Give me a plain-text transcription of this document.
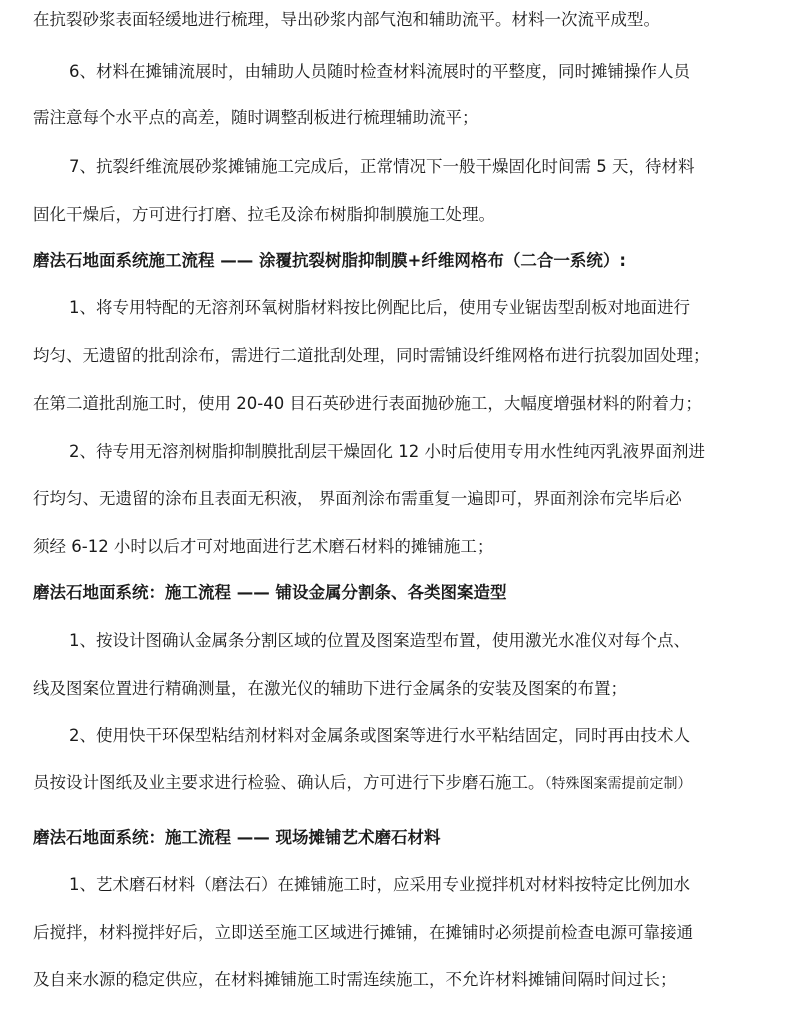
在抗裂砂浆表面轻缓地进行梳理，导出砂浆内部气泡和辅助流平。材料一次流平成型。
6、材料在摊铺流展时，由辅助人员随时检查材料流展时的平整度，同时摊铺操作人员
需注意每个水平点的高差，随时调整刮板进行梳理辅助流平；
7、抗裂纤维流展砂浆摊铺施工完成后，正常情况下一般干燥固化时间需 5 天，待材料
固化干燥后，方可进行打磨、拉毛及涂布树脂抑制膜施工处理。
磨法石地面系统施工流程 —— 涂覆抗裂树脂抑制膜+纤维网格布（二合一系统）:
1、将专用特配的无溶剂环氧树脂材料按比例配比后，使用专业锯齿型刮板对地面进行
均匀、无遗留的批刮涂布，需进行二道批刮处理，同时需铺设纤维网格布进行抗裂加固处理；
在第二道批刮施工时，使用 20-40 目石英砂进行表面抛砂施工，大幅度增强材料的附着力；
2、待专用无溶剂树脂抑制膜批刮层干燥固化 12 小时后使用专用水性纯丙乳液界面剂进
行均匀、无遗留的涂布且表面无积液， 界面剂涂布需重复一遍即可，界面剂涂布完毕后必
须经 6-12 小时以后才可对地面进行艺术磨石材料的摊铺施工；
磨法石地面系统：施工流程 —— 铺设金属分割条、各类图案造型
1、按设计图确认金属条分割区域的位置及图案造型布置，使用激光水准仪对每个点、
线及图案位置进行精确测量，在激光仪的辅助下进行金属条的安装及图案的布置；
2、使用快干环保型粘结剂材料对金属条或图案等进行水平粘结固定，同时再由技术人
员按设计图纸及业主要求进行检验、确认后，方可进行下步磨石施工。（特殊图案需提前定制）
磨法石地面系统：施工流程 —— 现场摊铺艺术磨石材料
1、艺术磨石材料（磨法石）在摊铺施工时，应采用专业搅拌机对材料按特定比例加水
后搅拌，材料搅拌好后，立即送至施工区域进行摊铺，在摊铺时必须提前检查电源可靠接通
及自来水源的稳定供应，在材料摊铺施工时需连续施工，不允许材料摊铺间隔时间过长；
